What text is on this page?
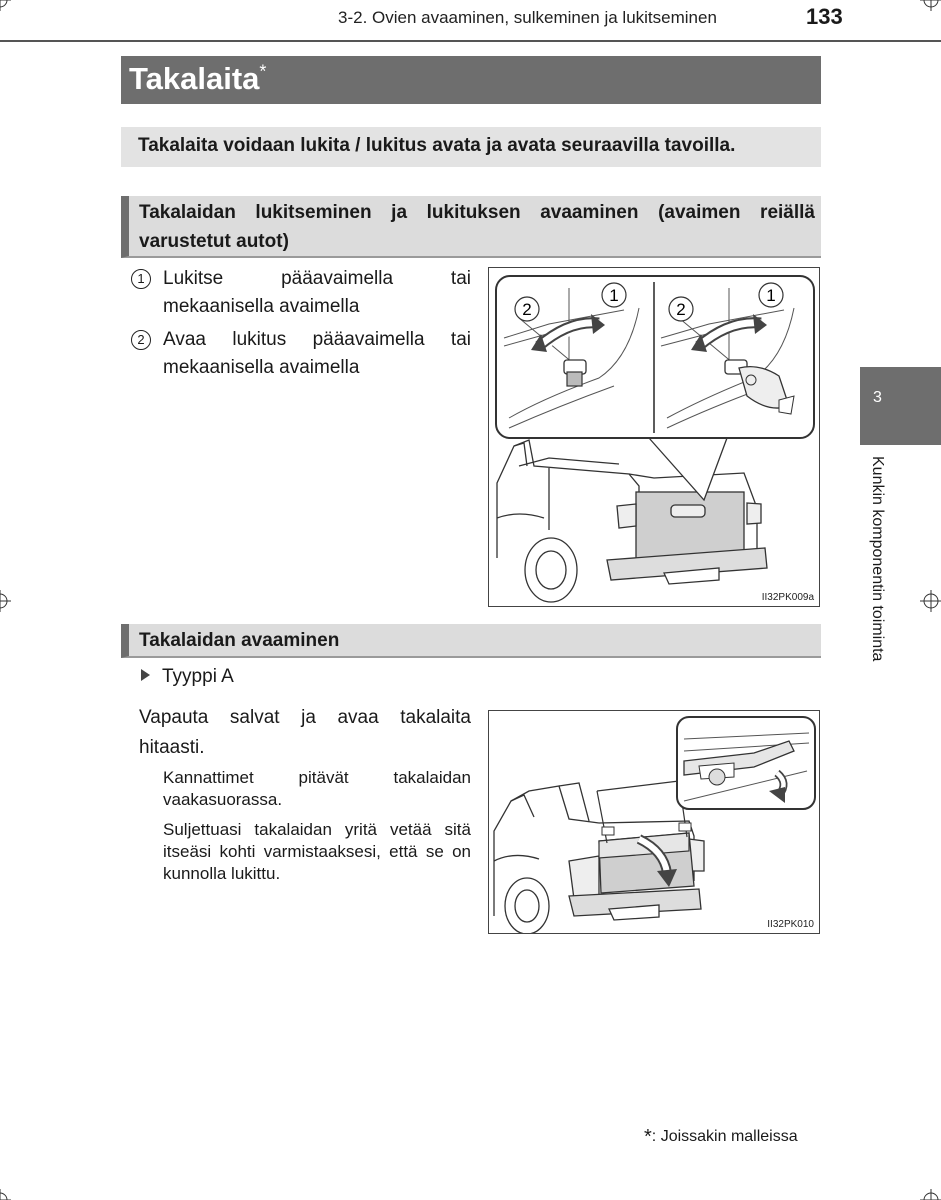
3-2. Ovien avaaminen, sulkeminen ja lukitseminen	133
Takalaita*
Takalaita voidaan lukita / lukitus avata ja avata seuraavilla tavoilla.
Takalaidan lukitseminen ja lukituksen avaaminen (avaimen reiällä varustetut autot)
1 Lukitse pääavaimella tai mekaanisella avaimella
2 Avaa lukitus pääavaimella tai mekaanisella avaimella
2
1
2
1
II32PK009a
Takalaidan avaaminen
Tyyppi A
Vapauta salvat ja avaa takalaita hitaasti.
Kannattimet pitävät takalaidan vaakasuorassa.
Suljettuasi takalaidan yritä vetää sitä itseäsi kohti varmistaaksesi, että se on kunnolla lukittu.
II32PK010
3
Kunkin komponentin toiminta
*: Joissakin malleissa
